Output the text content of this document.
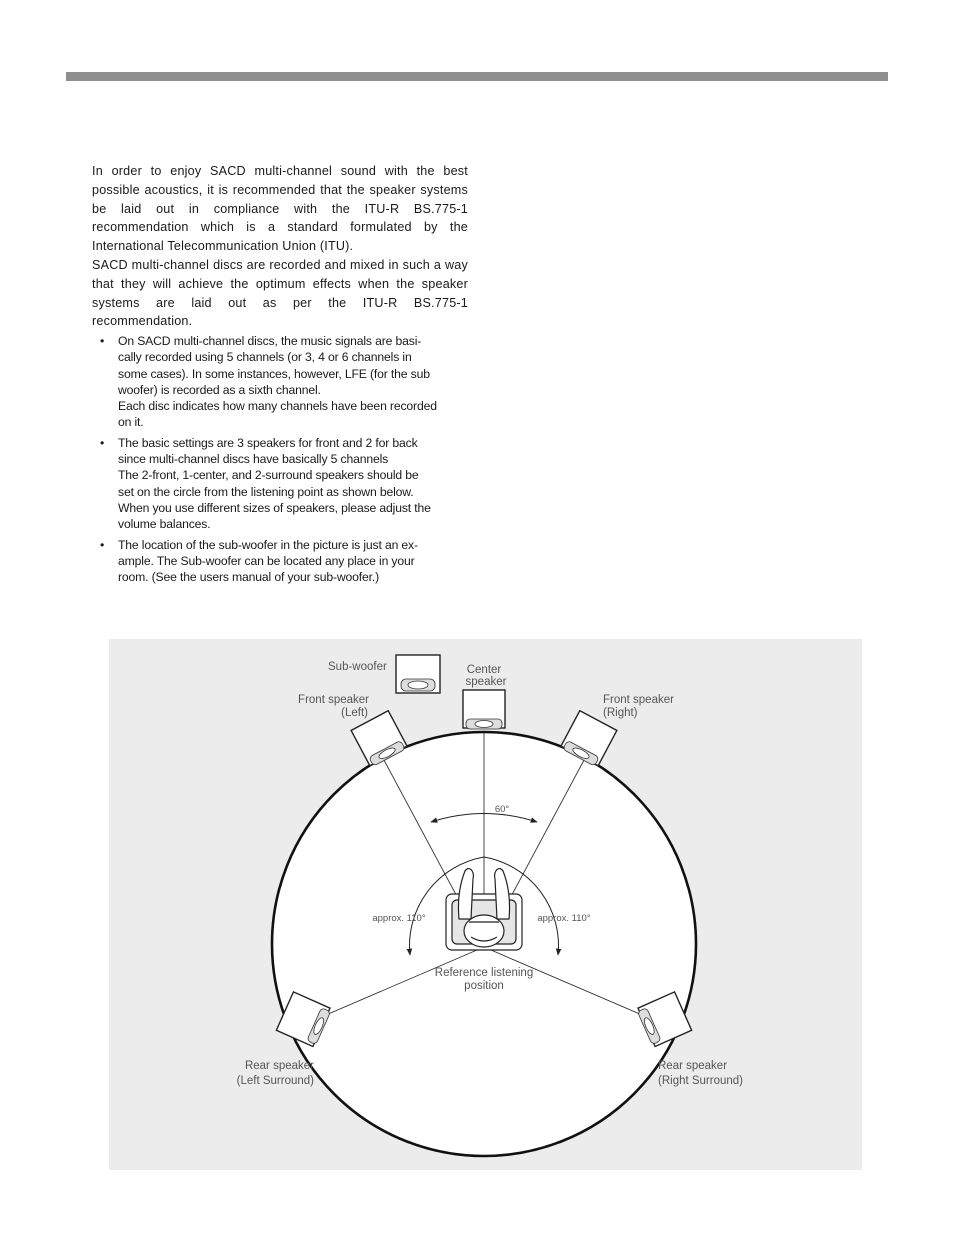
In order to enjoy SACD multi-channel sound with the best possible acoustics, it is recommended that the speaker systems be laid out in compliance with the ITU-R BS.775-1 recommendation which is a standard formulated by the International Telecommunication Union (ITU).

SACD multi-channel discs are recorded and mixed in such a way that they will achieve the optimum effects when the speaker systems are laid out as per the ITU-R BS.775-1 recommendation.

• On SACD multi-channel discs, the music signals are basi-
cally recorded using 5 channels (or 3, 4 or 6 channels in
some cases). In some instances, however, LFE (for the sub
woofer) is recorded as a sixth channel.
Each disc indicates how many channels have been recorded
on it.
• The basic settings are 3 speakers for front and 2 for back
since multi-channel discs have basically 5 channels
The 2-front, 1-center, and 2-surround speakers should be
set on the circle from the listening point as shown below.
When you use different sizes of speakers, please adjust the
volume balances.
• The location of the sub-woofer in the picture is just an ex-
ample. The Sub-woofer can be located any place in your
room. (See the users manual of your sub-woofer.)
Sub-woofer	Center
speaker
Front speaker
(Left)
Front speaker
(Right)
60°
approx. 110°	approx. 110°
Reference listening
position
Rear speaker
(Left Surround)
Rear speaker
(Right Surround)
